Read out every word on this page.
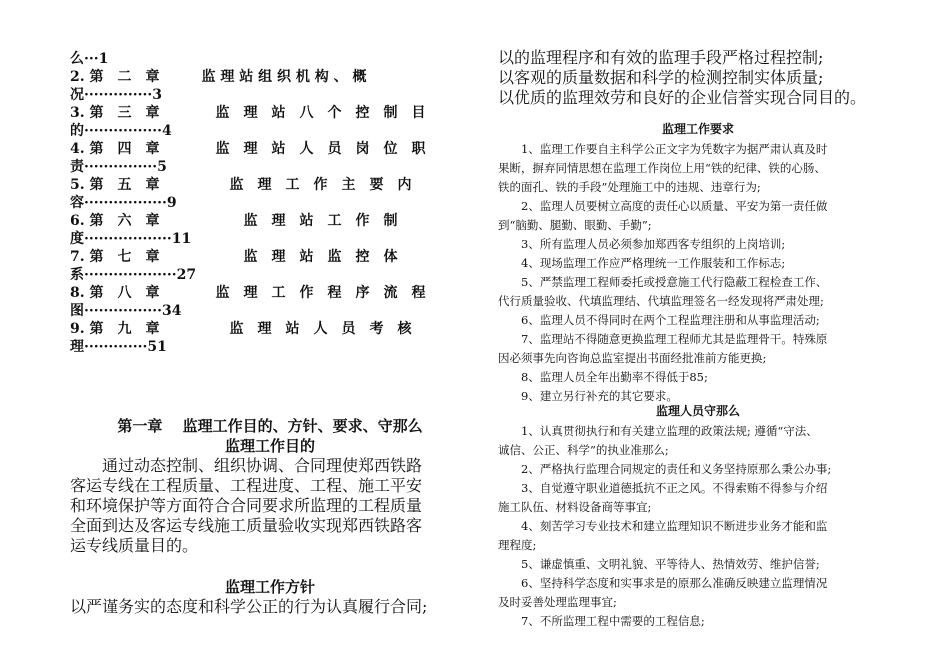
么···1
2. 第　二　章　　　监 理 站 组 织 机 构 、 概
况··············3
3. 第　三　章　　　　监　理　站　八　个　控　制　目
的················4
4. 第　四　章　　　　监　理　站　人　员　岗　位　职
责···············5
5. 第　五　章　　　　　监　理　工　作　主　要　内
容·················9
6. 第　六　章　　　　　　监　理　站　工　作　制
度··················11
7. 第　七　章　　　　　　监　理　站　监　控　体
系···················27
8. 第　八　章　　　　监　理　工　作　程　序　流　程
图················34
9. 第　九　章　　　　　监　理　站　人　员　考　核
理·············51
第一章　 监理工作目的、方针、要求、守那么
监理工作目的
通过动态控制、组织协调、合同理使郑西铁路
客运专线在工程质量、工程进度、工程、施工平安
和环境保护等方面符合合同要求所监理的工程质量
全面到达及客运专线施工质量验收实现郑西铁路客
运专线质量目的。
监理工作方针
以严谨务实的态度和科学公正的行为认真履行合同;
以的监理程序和有效的监理手段严格过程控制;
以客观的质量数据和科学的检测控制实体质量;
以优质的监理效劳和良好的企业信誉实现合同目的。
监理工作要求
　　1、监理工作要自主科学公正文字为凭数字为据严肃认真及时
果断，摒弃同情思想在监理工作岗位上用“铁的纪律、铁的心肠、
铁的面孔、铁的手段”处理施工中的违规、违章行为;
　　2、监理人员要树立高度的责任心以质量、平安为第一责任做
到“脑勤、腿勤、眼勤、手勤”;
　　3、所有监理人员必须参加郑西客专组织的上岗培训;
　　4、现场监理工作应严格理统一工作服装和工作标志;
　　5、严禁监理工程师委托或授意施工代行隐蔽工程检查工作、
代行质量验收、代填监理结、代填监理签名一经发现将严肃处理;
　　6、监理人员不得同时在两个工程监理注册和从事监理活动;
　　7、监理站不得随意更换监理工程师尤其是监理骨干。特殊原
因必须事先向咨询总监室提出书面经批准前方能更换;
　　8、监理人员全年出勤率不得低于85;
　　9、建立另行补充的其它要求。
监理人员守那么
　　1、认真贯彻执行和有关建立监理的政策法规; 遵循“守法、
诚信、公正、科学”的执业准那么;
　　2、严格执行监理合同规定的责任和义务坚持原那么秉公办事;
　　3、自觉遵守职业道德抵抗不正之风。不得索贿不得参与介绍
施工队伍、材料设备商等事宜;
　　4、刻苦学习专业技术和建立监理知识不断进步业务才能和监
理程度;
　　5、谦虚慎重、文明礼貌、平等待人、热情效劳、维护信誉;
　　6、坚持科学态度和实事求是的原那么准确反映建立监理情况
及时妥善处理监理事宜;
　　7、不所监理工程中需要的工程信息;
